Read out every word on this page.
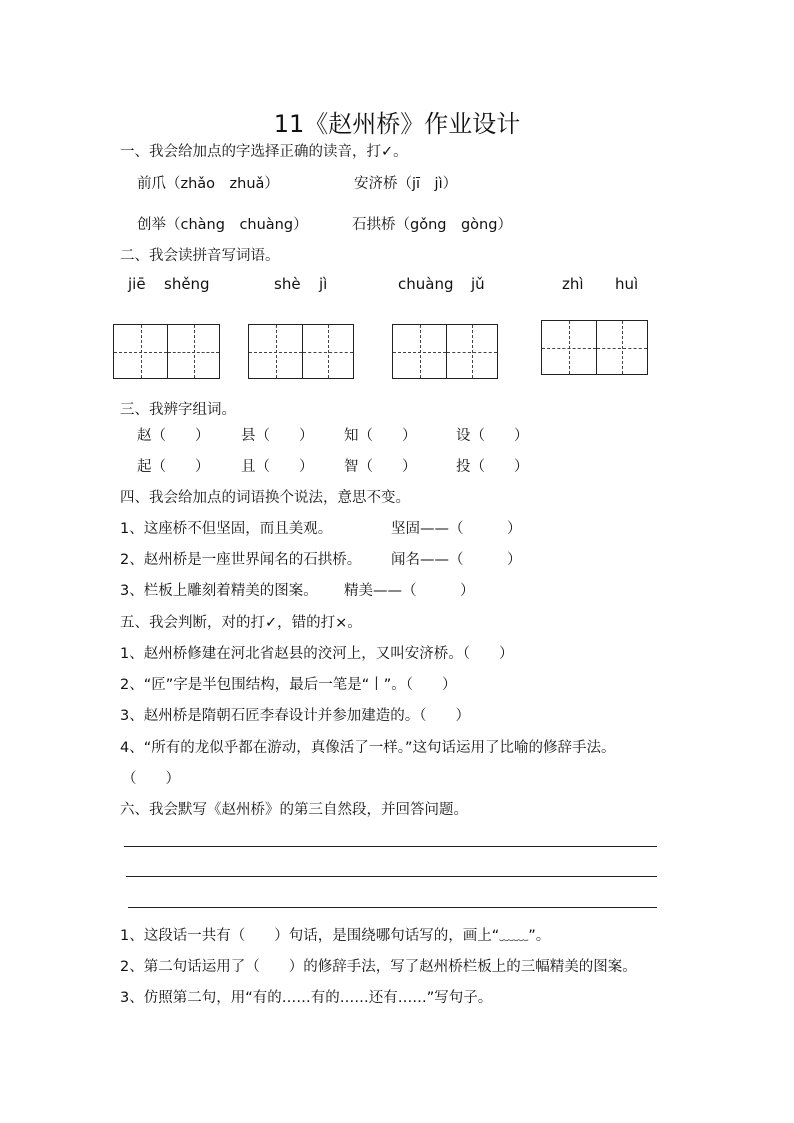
11《赵州桥》作业设计
一、我会给加点的字选择正确的读音，打✓。
前爪（zhǎo　zhuǎ）	安济桥（jī　jì）
创举（chàng　chuàng）	石拱桥（gǒng　gòng）
二、我会读拼音写词语。
jiē shěng	shè jì	chuàng jǔ	zhì huì
三、我辨字组词。
赵（　　） 县（　　） 知（　　）	设（　　）
起（　　） 且（　　） 智（　　）	投（　　）
四、我会给加点的词语换个说法，意思不变。
1、这座桥不但坚固，而且美观。	坚固——（　　　）
2、赵州桥是一座世界闻名的石拱桥。 闻名——（　　　）
3、栏板上雕刻着精美的图案。 精美——（　　　）
五、我会判断，对的打✓，错的打×。
1、赵州桥修建在河北省赵县的洨河上，又叫安济桥。（　　）
2、“匠”字是半包围结构，最后一笔是“丨”。（　　）
3、赵州桥是隋朝石匠李春设计并参加建造的。（　　）
4、“所有的龙似乎都在游动，真像活了一样。”这句话运用了比喻的修辞手法。
（　　）
六、我会默写《赵州桥》的第三自然段，并回答问题。
1、这段话一共有（　　）句话，是围绕哪句话写的，画上“﹏﹏”。
2、第二句话运用了（　　）的修辞手法，写了赵州桥栏板上的三幅精美的图案。
3、仿照第二句，用“有的……有的……还有……”写句子。
